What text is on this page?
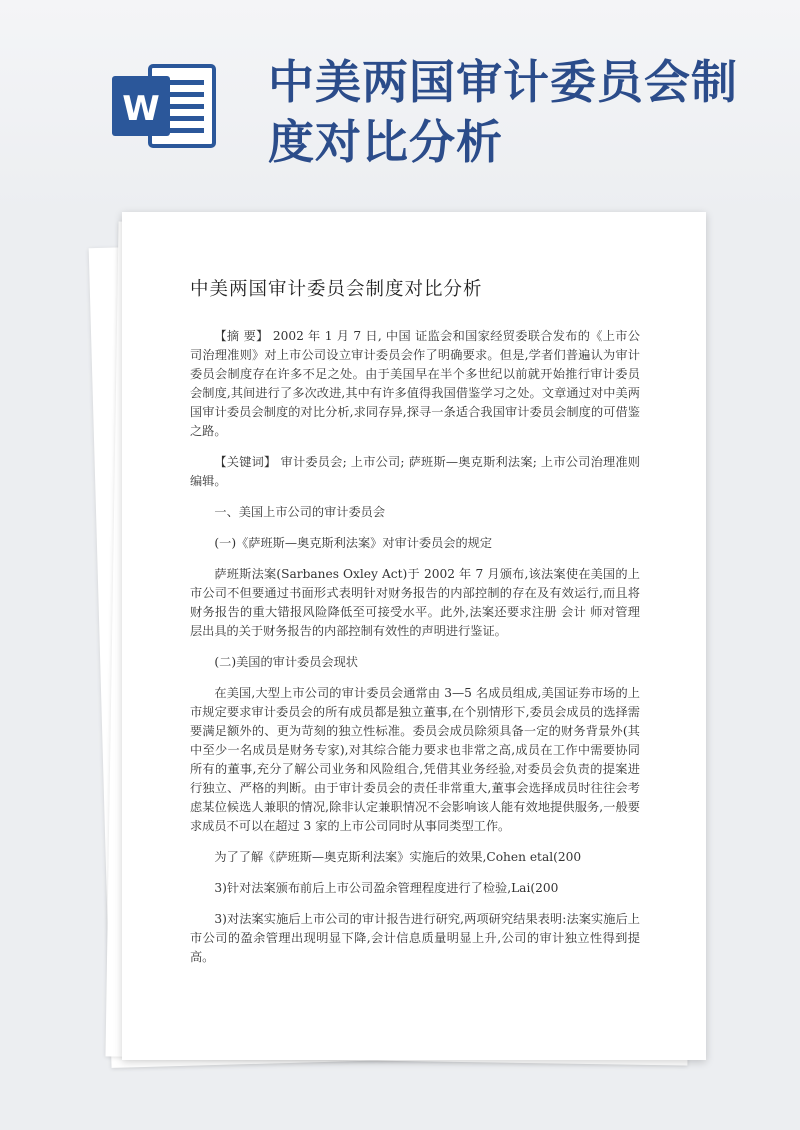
W 中美两国审计委员会制度对比分析
中美两国审计委员会制度对比分析

【摘 要】 2002 年 1 月 7 日, 中国 证监会和国家经贸委联合发布的《上市公司治理准则》对上市公司设立审计委员会作了明确要求。但是,学者们普遍认为审计委员会制度存在许多不足之处。由于美国早在半个多世纪以前就开始推行审计委员会制度,其间进行了多次改进,其中有许多值得我国借鉴学习之处。文章通过对中美两国审计委员会制度的对比分析,求同存异,探寻一条适合我国审计委员会制度的可借鉴之路。

【关键词】 审计委员会; 上市公司; 萨班斯—奥克斯利法案; 上市公司治理准则 编辑。

一、美国上市公司的审计委员会

(一)《萨班斯—奥克斯利法案》对审计委员会的规定

萨班斯法案(Sarbanes Oxley Act)于 2002 年 7 月颁布,该法案使在美国的上市公司不但要通过书面形式表明针对财务报告的内部控制的存在及有效运行,而且将财务报告的重大错报风险降低至可接受水平。此外,法案还要求注册 会计 师对管理层出具的关于财务报告的内部控制有效性的声明进行鉴证。

(二)美国的审计委员会现状

在美国,大型上市公司的审计委员会通常由 3—5 名成员组成,美国证券市场的上市规定要求审计委员会的所有成员都是独立董事,在个别情形下,委员会成员的选择需要满足额外的、更为苛刻的独立性标准。委员会成员除须具备一定的财务背景外(其中至少一名成员是财务专家),对其综合能力要求也非常之高,成员在工作中需要协同所有的董事,充分了解公司业务和风险组合,凭借其业务经验,对委员会负责的提案进行独立、严格的判断。由于审计委员会的责任非常重大,董事会选择成员时往往会考虑某位候选人兼职的情况,除非认定兼职情况不会影响该人能有效地提供服务,一般要求成员不可以在超过 3 家的上市公司同时从事同类型工作。

为了了解《萨班斯—奥克斯利法案》实施后的效果,Cohen etal(200

3)针对法案颁布前后上市公司盈余管理程度进行了检验,Lai(200

3)对法案实施后上市公司的审计报告进行研究,两项研究结果表明:法案实施后上市公司的盈余管理出现明显下降,会计信息质量明显上升,公司的审计独立性得到提高。
